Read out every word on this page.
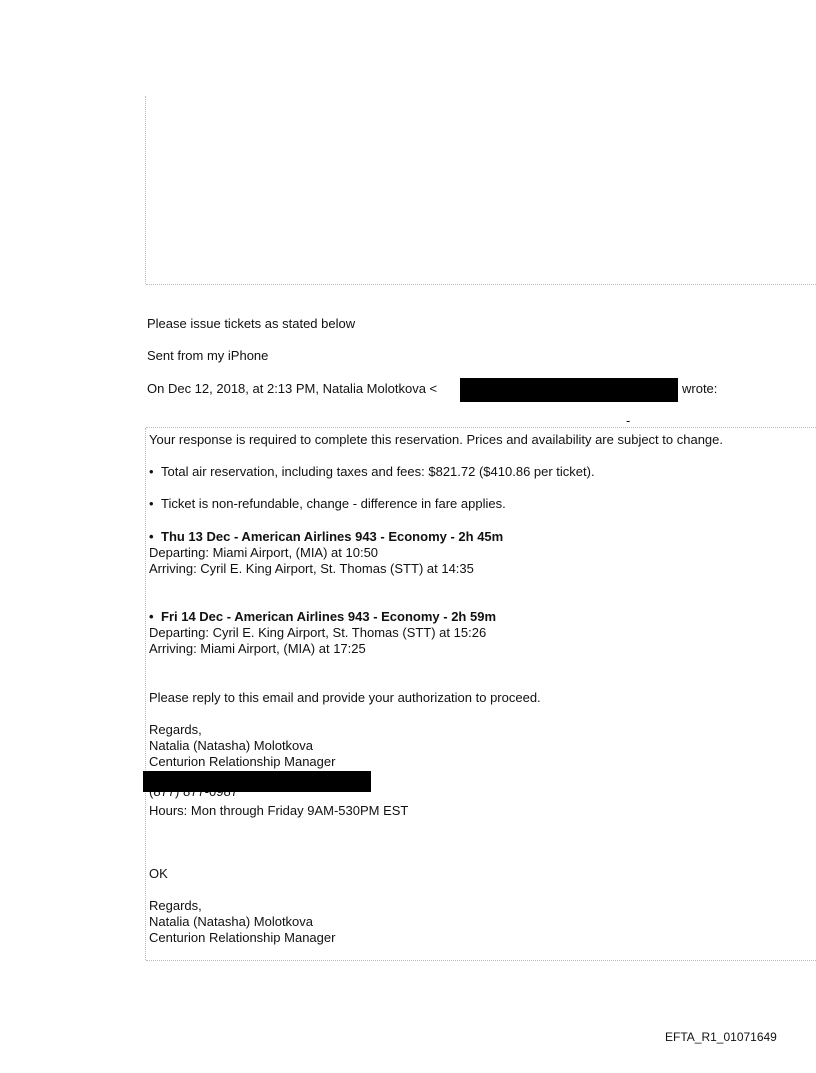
Please issue tickets as stated below
Sent from my iPhone
On Dec 12, 2018, at 2:13 PM, Natalia Molotkova <	wrote:
-
Your response is required to complete this reservation. Prices and availability are subject to change.
• Total air reservation, including taxes and fees: $821.72 ($410.86 per ticket).
• Ticket is non-refundable, change - difference in fare applies.
• Thu 13 Dec - American Airlines 943 - Economy - 2h 45m
Departing: Miami Airport, (MIA) at 10:50
Arriving: Cyril E. King Airport, St. Thomas (STT) at 14:35
• Fri 14 Dec - American Airlines 943 - Economy - 2h 59m
Departing: Cyril E. King Airport, St. Thomas (STT) at 15:26
Arriving: Miami Airport, (MIA) at 17:25
Please reply to this email and provide your authorization to proceed.
Regards,
Natalia (Natasha) Molotkova
Centurion Relationship Manager
Hours: Mon through Friday 9AM-530PM EST
OK
Regards,
Natalia (Natasha) Molotkova
Centurion Relationship Manager
EFTA_R1_01071649
